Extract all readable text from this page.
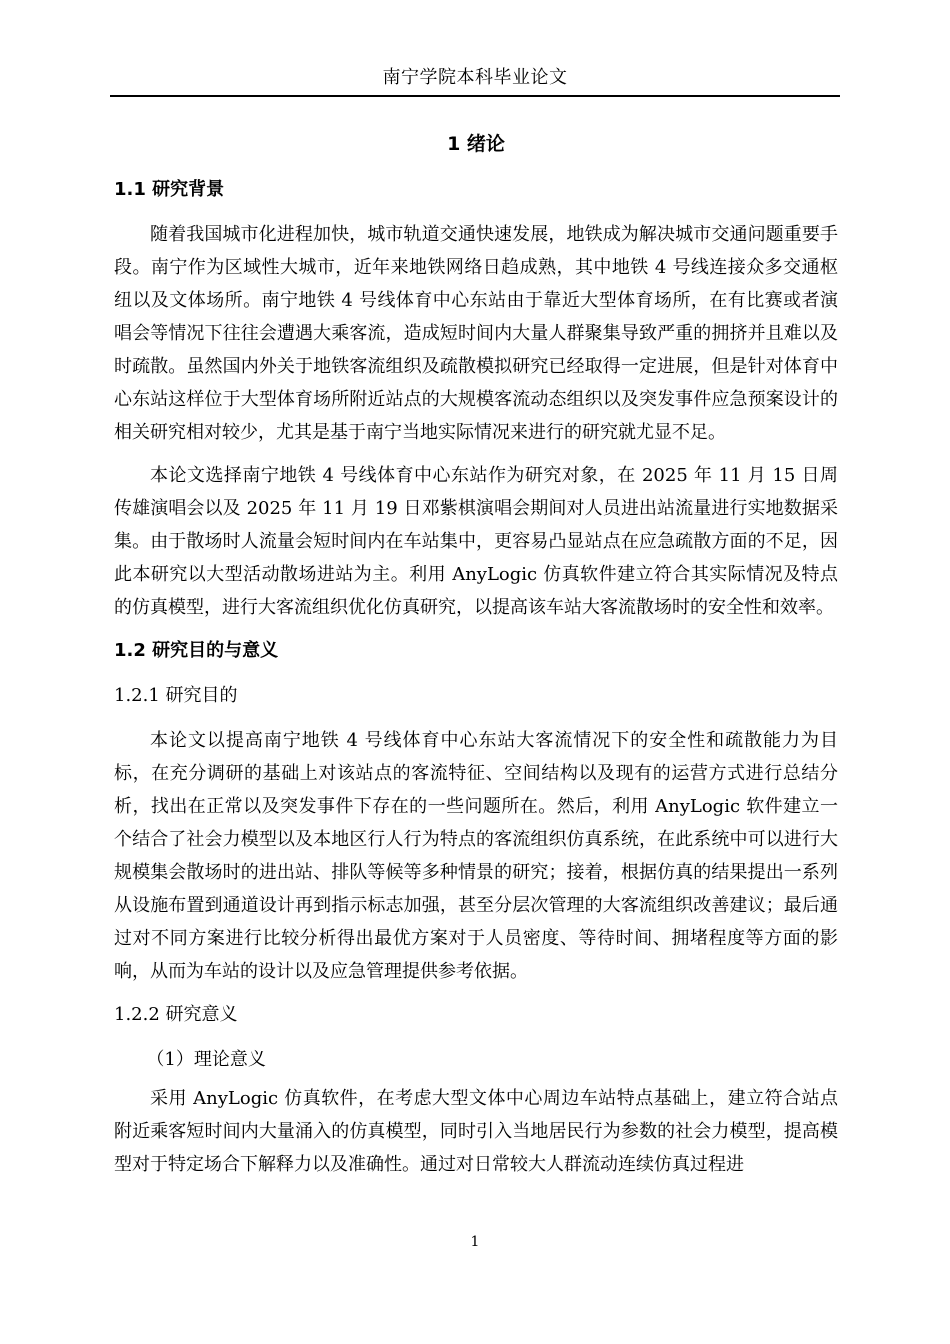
南宁学院本科毕业论文
1 绪论
1.1 研究背景

随着我国城市化进程加快，城市轨道交通快速发展，地铁成为解决城市交通问题重要手段。南宁作为区域性大城市，近年来地铁网络日趋成熟，其中地铁 4 号线连接众多交通枢纽以及文体场所。南宁地铁 4 号线体育中心东站由于靠近大型体育场所，在有比赛或者演唱会等情况下往往会遭遇大乘客流，造成短时间内大量人群聚集导致严重的拥挤并且难以及时疏散。虽然国内外关于地铁客流组织及疏散模拟研究已经取得一定进展，但是针对体育中心东站这样位于大型体育场所附近站点的大规模客流动态组织以及突发事件应急预案设计的相关研究相对较少，尤其是基于南宁当地实际情况来进行的研究就尤显不足。

本论文选择南宁地铁 4 号线体育中心东站作为研究对象，在 2025 年 11 月 15 日周传雄演唱会以及 2025 年 11 月 19 日邓紫棋演唱会期间对人员进出站流量进行实地数据采集。由于散场时人流量会短时间内在车站集中，更容易凸显站点在应急疏散方面的不足，因此本研究以大型活动散场进站为主。利用 AnyLogic 仿真软件建立符合其实际情况及特点的仿真模型，进行大客流组织优化仿真研究，以提高该车站大客流散场时的安全性和效率。

1.2 研究目的与意义
1.2.1 研究目的

本论文以提高南宁地铁 4 号线体育中心东站大客流情况下的安全性和疏散能力为目标，在充分调研的基础上对该站点的客流特征、空间结构以及现有的运营方式进行总结分析，找出在正常以及突发事件下存在的一些问题所在。然后，利用 AnyLogic 软件建立一个结合了社会力模型以及本地区行人行为特点的客流组织仿真系统，在此系统中可以进行大规模集会散场时的进出站、排队等候等多种情景的研究；接着，根据仿真的结果提出一系列从设施布置到通道设计再到指示标志加强，甚至分层次管理的大客流组织改善建议；最后通过对不同方案进行比较分析得出最优方案对于人员密度、等待时间、拥堵程度等方面的影响，从而为车站的设计以及应急管理提供参考依据。

1.2.2 研究意义
（1）理论意义

采用 AnyLogic 仿真软件，在考虑大型文体中心周边车站特点基础上，建立符合站点附近乘客短时间内大量涌入的仿真模型，同时引入当地居民行为参数的社会力模型，提高模型对于特定场合下解释力以及准确性。通过对日常较大人群流动连续仿真过程进

1
